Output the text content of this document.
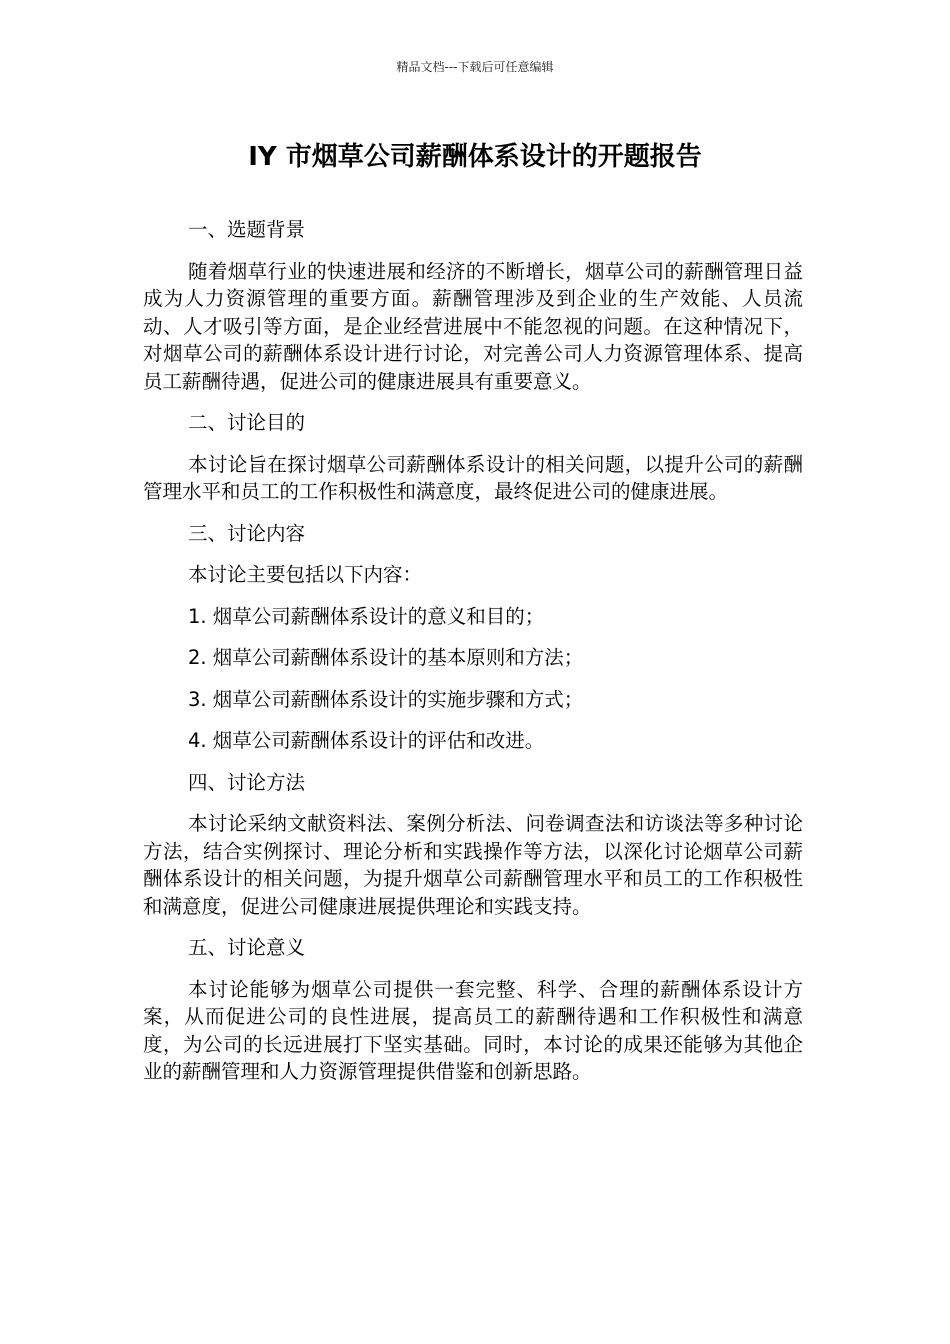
精品文档---下载后可任意编辑
IY 市烟草公司薪酬体系设计的开题报告

一、选题背景

随着烟草行业的快速进展和经济的不断增长，烟草公司的薪酬管理日益成为人力资源管理的重要方面。薪酬管理涉及到企业的生产效能、人员流动、人才吸引等方面，是企业经营进展中不能忽视的问题。在这种情况下，对烟草公司的薪酬体系设计进行讨论，对完善公司人力资源管理体系、提高员工薪酬待遇，促进公司的健康进展具有重要意义。

二、讨论目的

本讨论旨在探讨烟草公司薪酬体系设计的相关问题，以提升公司的薪酬管理水平和员工的工作积极性和满意度，最终促进公司的健康进展。

三、讨论内容

本讨论主要包括以下内容：

1. 烟草公司薪酬体系设计的意义和目的；

2. 烟草公司薪酬体系设计的基本原则和方法；

3. 烟草公司薪酬体系设计的实施步骤和方式；

4. 烟草公司薪酬体系设计的评估和改进。

四、讨论方法

本讨论采纳文献资料法、案例分析法、问卷调查法和访谈法等多种讨论方法，结合实例探讨、理论分析和实践操作等方法，以深化讨论烟草公司薪酬体系设计的相关问题，为提升烟草公司薪酬管理水平和员工的工作积极性和满意度，促进公司健康进展提供理论和实践支持。

五、讨论意义

本讨论能够为烟草公司提供一套完整、科学、合理的薪酬体系设计方案，从而促进公司的良性进展，提高员工的薪酬待遇和工作积极性和满意度，为公司的长远进展打下坚实基础。同时，本讨论的成果还能够为其他企业的薪酬管理和人力资源管理提供借鉴和创新思路。
